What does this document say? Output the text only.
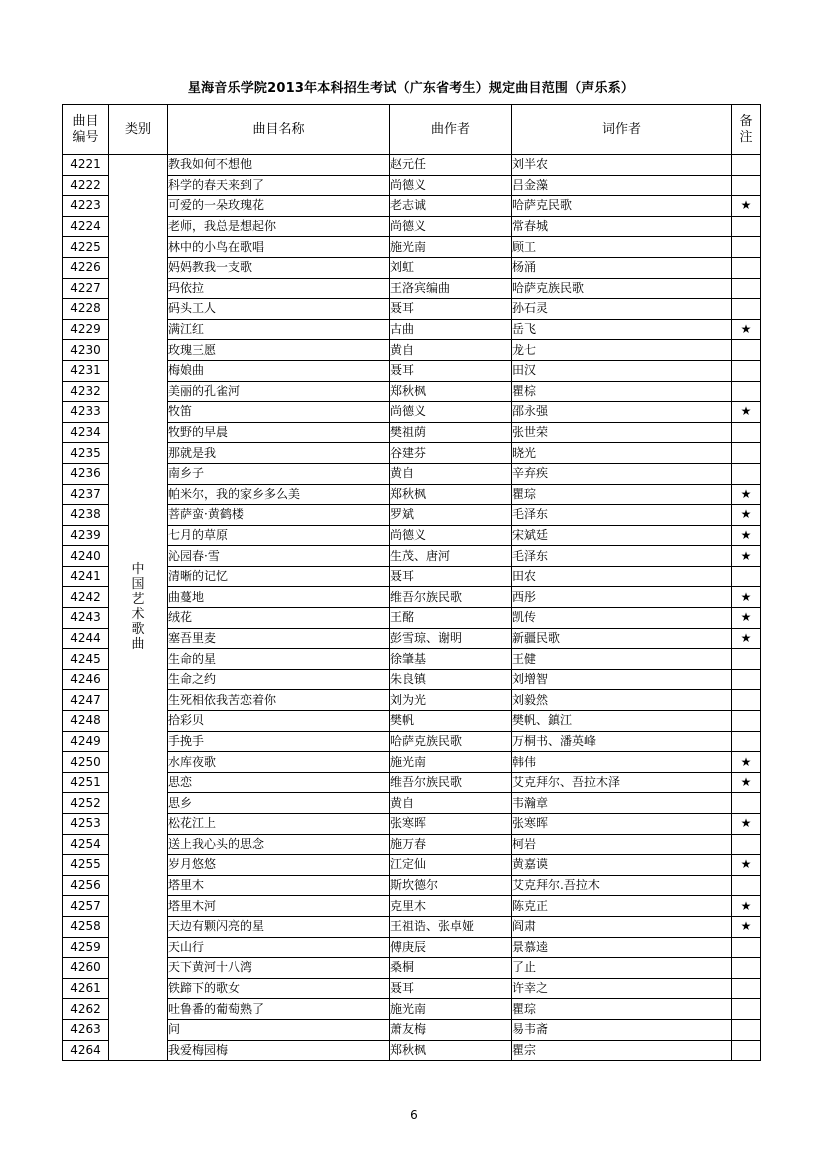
星海音乐学院2013年本科招生考试（广东省考生）规定曲目范围（声乐系）
曲目编号	类别	曲目名称	曲作者	词作者	备注
4221	中国艺术歌曲	教我如何不想他	赵元任	刘半农	
4222		科学的春天来到了	尚德义	吕金藻	
4223		可爱的一朵玫瑰花	老志诚	哈萨克民歌	★
4224		老师，我总是想起你	尚德义	常春城	
4225		林中的小鸟在歌唱	施光南	顾工	
4226		妈妈教我一支歌	刘虹	杨涌	
4227		玛依拉	王洛宾编曲	哈萨克族民歌	
4228		码头工人	聂耳	孙石灵	
4229		满江红	古曲	岳飞	★
4230		玫瑰三愿	黄自	龙七	
4231		梅娘曲	聂耳	田汉	
4232		美丽的孔雀河	郑秋枫	瞿棕	
4233		牧笛	尚德义	邵永强	★
4234		牧野的早晨	樊祖荫	张世荣	
4235		那就是我	谷建芬	晓光	
4236		南乡子	黄自	辛弃疾	
4237		帕米尔，我的家乡多么美	郑秋枫	瞿琮	★
4238		菩萨蛮·黄鹤楼	罗斌	毛泽东	★
4239		七月的草原	尚德义	宋斌廷	★
4240		沁园春·雪	生茂、唐河	毛泽东	★
4241		清晰的记忆	聂耳	田农	
4242		曲蔓地	维吾尔族民歌	西彤	★
4243		绒花	王酩	凯传	★
4244		塞吾里麦	彭雪琼、谢明	新疆民歌	★
4245		生命的星	徐肇基	王健	
4246		生命之约	朱良镇	刘增智	
4247		生死相依我苦恋着你	刘为光	刘毅然	
4248		拾彩贝	樊帆	樊帆、鎮江	
4249		手挽手	哈萨克族民歌	万桐书、潘英峰	
4250		水库夜歌	施光南	韩伟	★
4251		思恋	维吾尔族民歌	艾克拜尔、吾拉木泽	★
4252		思乡	黄自	韦瀚章	
4253		松花江上	张寒晖	张寒晖	★
4254		送上我心头的思念	施万春	柯岩	
4255		岁月悠悠	江定仙	黄嘉谟	★
4256		塔里木	斯坎德尔	艾克拜尔.吾拉木	
4257		塔里木河	克里木	陈克正	★
4258		天边有颗闪亮的星	王祖诰、张卓娅	阎肃	★
4259		天山行	傅庚辰	景慕逵	
4260		天下黄河十八湾	桑桐	了止	
4261		铁蹄下的歌女	聂耳	许幸之	
4262		吐鲁番的葡萄熟了	施光南	瞿琮	
4263		问	萧友梅	易韦斋	
4264		我爱梅园梅	郑秋枫	瞿宗	
6
